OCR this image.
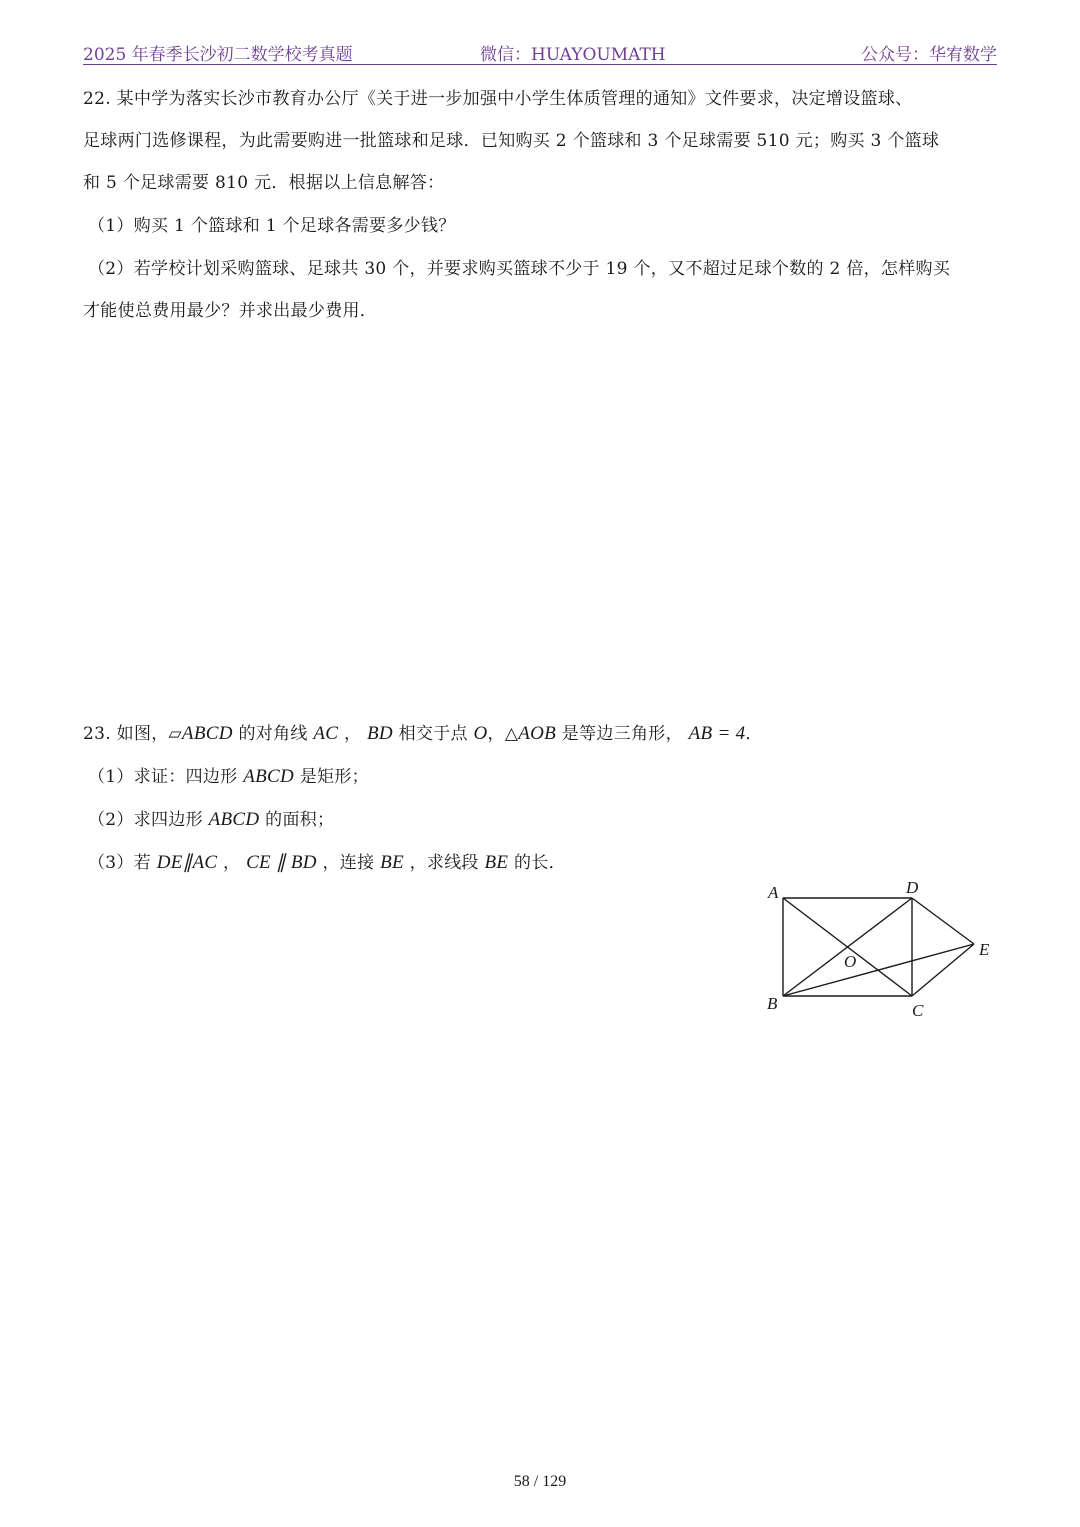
2025 年春季长沙初二数学校考真题	微信：HUAYOUMATH	公众号：华宥数学
22. 某中学为落实长沙市教育办公厅《关于进一步加强中小学生体质管理的通知》文件要求，决定增设篮球、
足球两门选修课程，为此需要购进一批篮球和足球．已知购买 2 个篮球和 3 个足球需要 510 元；购买 3 个篮球
和 5 个足球需要 810 元．根据以上信息解答：
（1）购买 1 个篮球和 1 个足球各需要多少钱？
（2）若学校计划采购篮球、足球共 30 个，并要求购买篮球不少于 19 个，又不超过足球个数的 2 倍，怎样购买
才能使总费用最少？并求出最少费用．
23. 如图，▱ABCD 的对角线 AC ， BD 相交于点 O，△AOB 是等边三角形， AB = 4．
（1）求证：四边形 ABCD 是矩形；
（2）求四边形 ABCD 的面积；
（3）若 DE∥AC ， CE ∥ BD ，连接 BE ，求线段 BE 的长．
A	D
E
O
B	C
58 / 129
